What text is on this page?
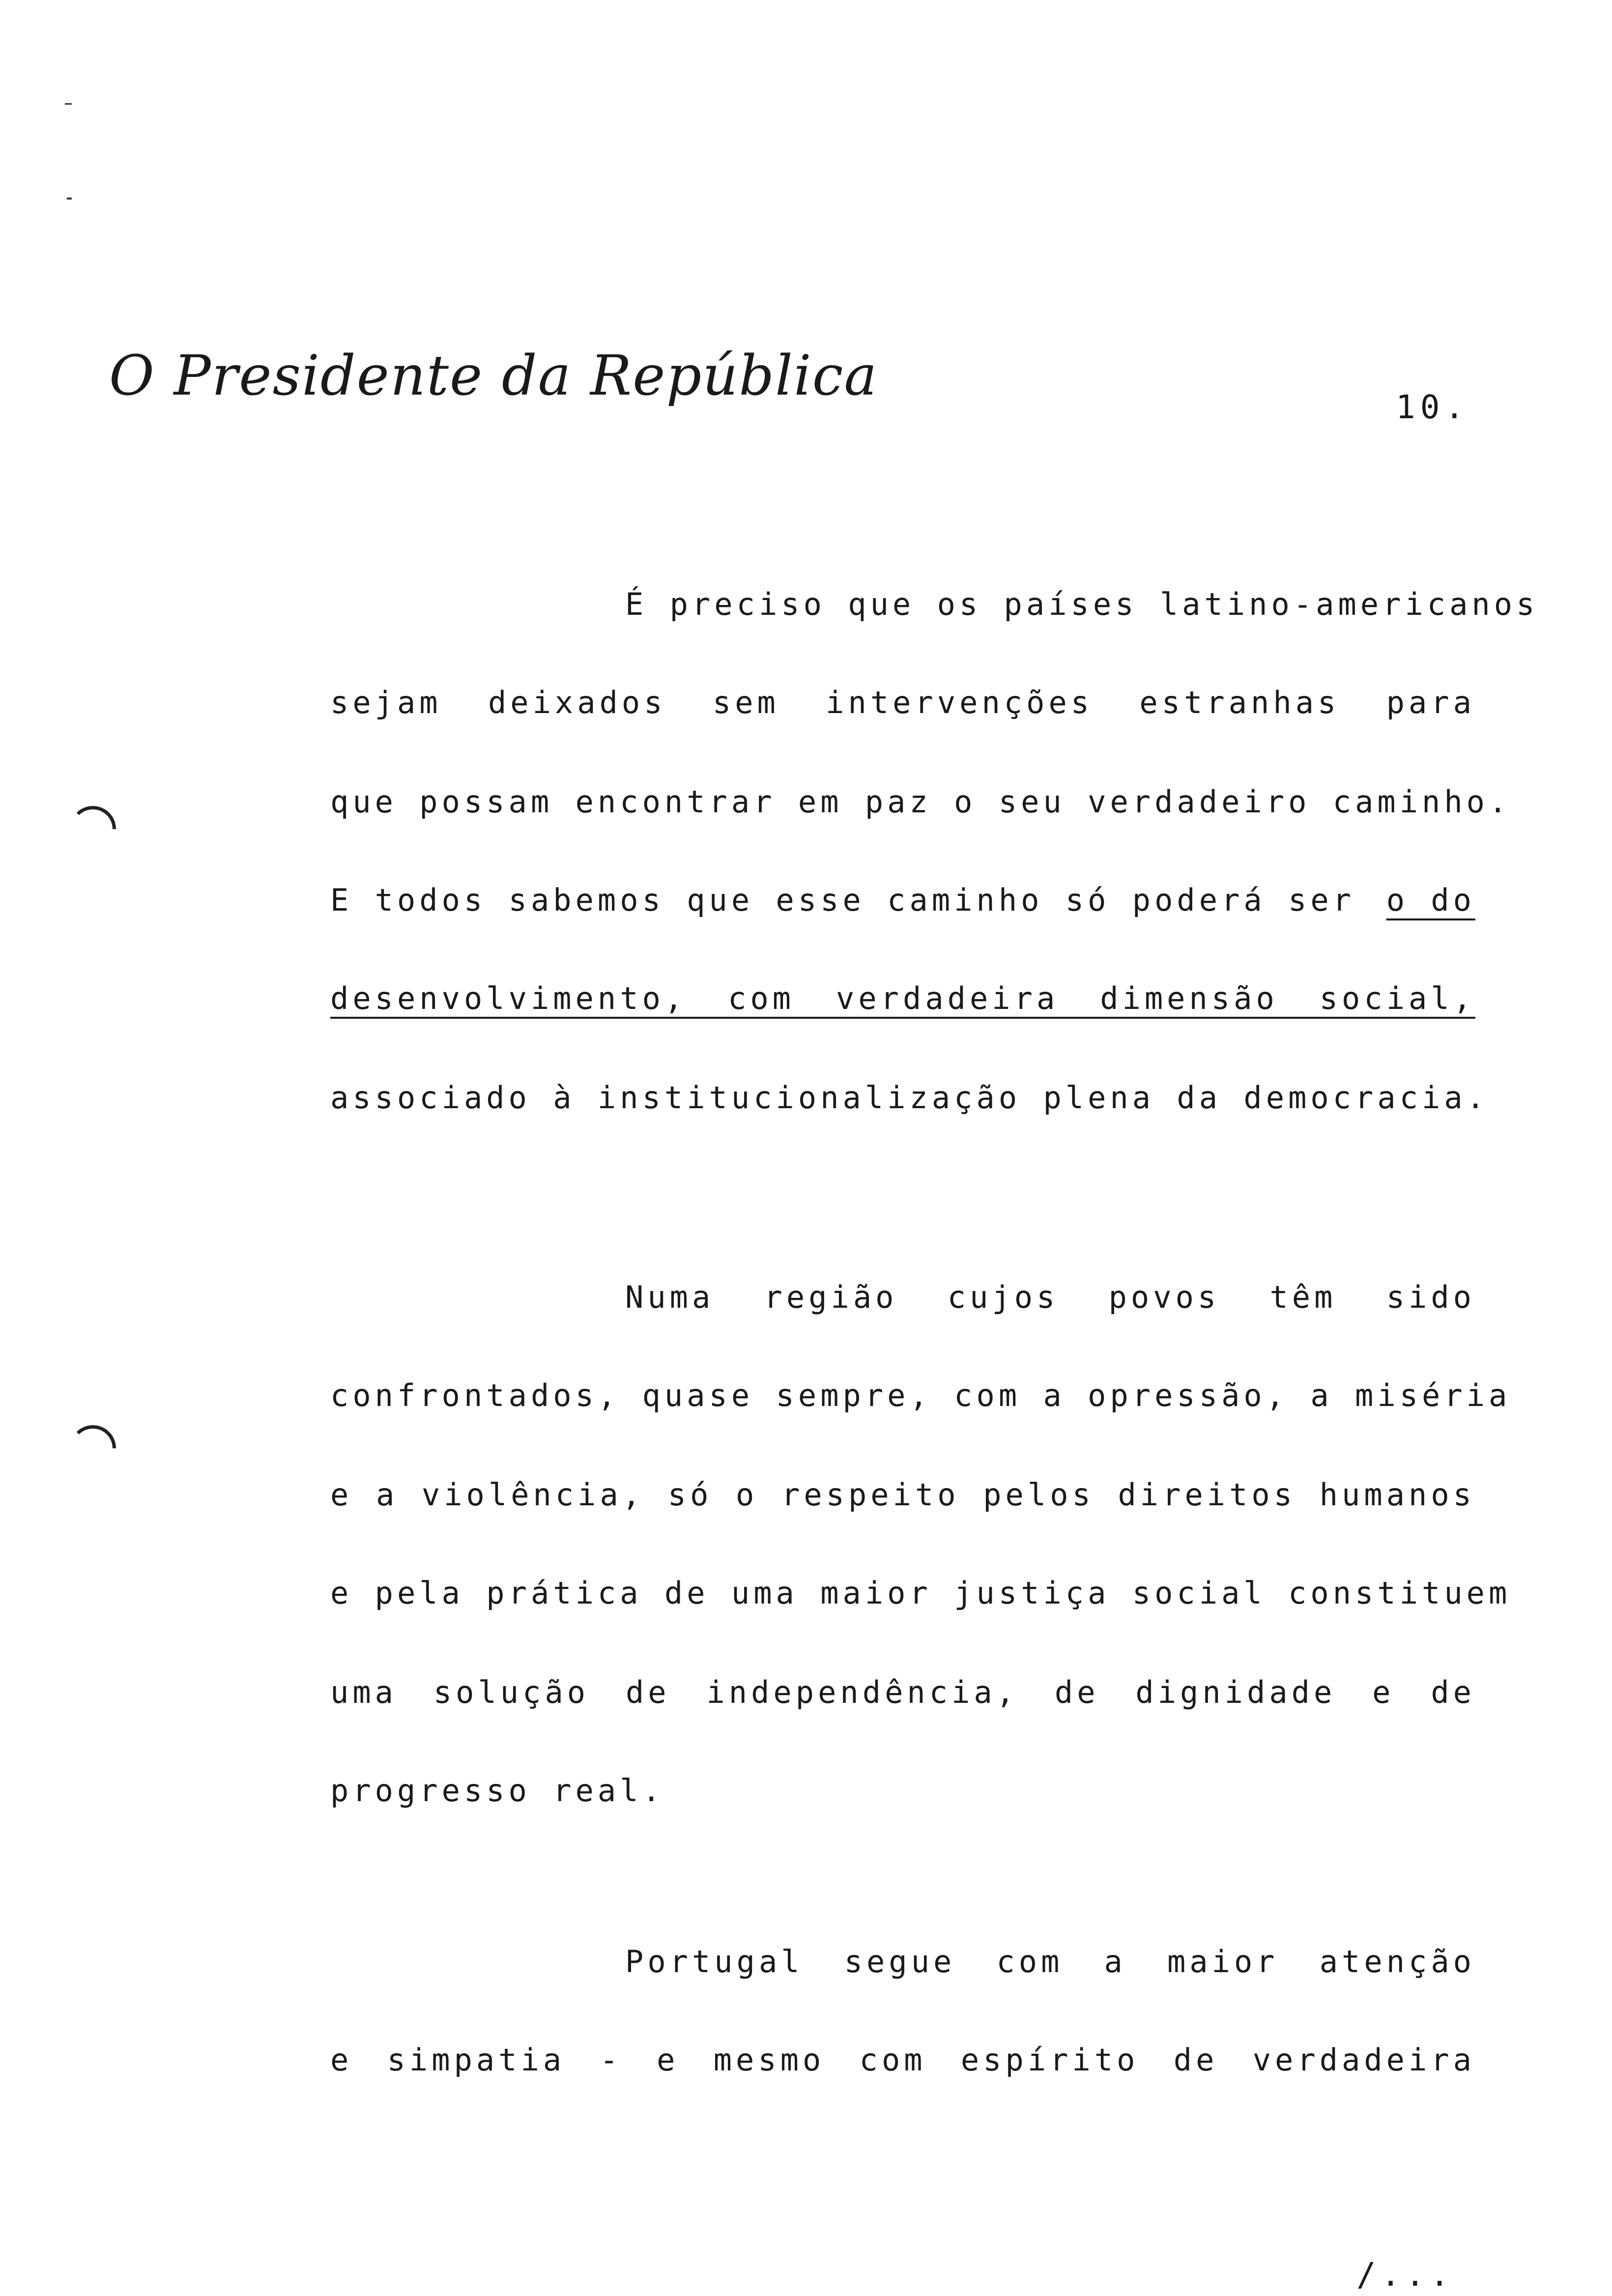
O Presidente da República	10.
É preciso que os países latino-americanos
sejam deixados sem intervenções estranhas para
que possam encontrar em paz o seu verdadeiro caminho.
E todos sabemos que esse caminho só poderá ser o do
desenvolvimento, com verdadeira dimensão social,
associado à institucionalização plena da democracia.
Numa região cujos povos têm sido
confrontados, quase sempre, com a opressão, a miséria
e a violência, só o respeito pelos direitos humanos
e pela prática de uma maior justiça social constituem
uma solução de independência, de dignidade e de
progresso real.
Portugal segue com a maior atenção
e simpatia - e mesmo com espírito de verdadeira
/...
